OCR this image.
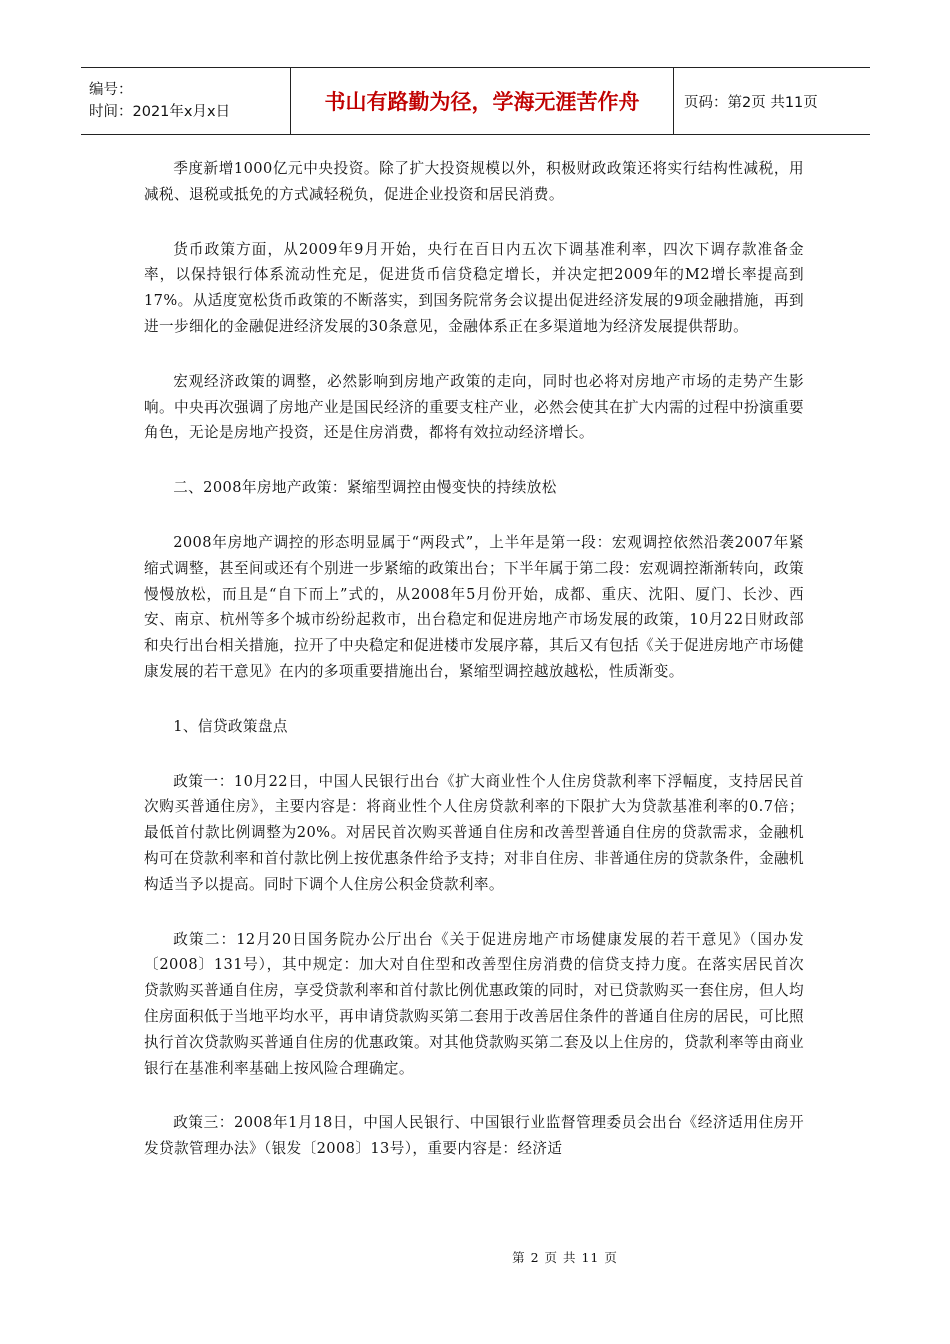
编号：
时间：2021年x月x日	书山有路勤为径，学海无涯苦作舟	页码：第2页 共11页

季度新增1000亿元中央投资。除了扩大投资规模以外，积极财政政策还将实行结构性减税，用减税、退税或抵免的方式减轻税负，促进企业投资和居民消费。

货币政策方面，从2009年9月开始，央行在百日内五次下调基准利率，四次下调存款准备金率，以保持银行体系流动性充足，促进货币信贷稳定增长，并决定把2009年的M2增长率提高到17%。从适度宽松货币政策的不断落实，到国务院常务会议提出促进经济发展的9项金融措施，再到进一步细化的金融促进经济发展的30条意见，金融体系正在多渠道地为经济发展提供帮助。

宏观经济政策的调整，必然影响到房地产政策的走向，同时也必将对房地产市场的走势产生影响。中央再次强调了房地产业是国民经济的重要支柱产业，必然会使其在扩大内需的过程中扮演重要角色，无论是房地产投资，还是住房消费，都将有效拉动经济增长。

二、2008年房地产政策：紧缩型调控由慢变快的持续放松

2008年房地产调控的形态明显属于“两段式”，上半年是第一段：宏观调控依然沿袭2007年紧缩式调整，甚至间或还有个别进一步紧缩的政策出台；下半年属于第二段：宏观调控渐渐转向，政策慢慢放松，而且是“自下而上”式的，从2008年5月份开始，成都、重庆、沈阳、厦门、长沙、西安、南京、杭州等多个城市纷纷起救市，出台稳定和促进房地产市场发展的政策，10月22日财政部和央行出台相关措施，拉开了中央稳定和促进楼市发展序幕，其后又有包括《关于促进房地产市场健康发展的若干意见》在内的多项重要措施出台，紧缩型调控越放越松，性质渐变。

1、信贷政策盘点

政策一：10月22日，中国人民银行出台《扩大商业性个人住房贷款利率下浮幅度，支持居民首次购买普通住房》，主要内容是：将商业性个人住房贷款利率的下限扩大为贷款基准利率的0.7倍；最低首付款比例调整为20%。对居民首次购买普通自住房和改善型普通自住房的贷款需求，金融机构可在贷款利率和首付款比例上按优惠条件给予支持；对非自住房、非普通住房的贷款条件，金融机构适当予以提高。同时下调个人住房公积金贷款利率。

政策二：12月20日国务院办公厅出台《关于促进房地产市场健康发展的若干意见》（国办发〔2008〕131号），其中规定：加大对自住型和改善型住房消费的信贷支持力度。在落实居民首次贷款购买普通自住房，享受贷款利率和首付款比例优惠政策的同时，对已贷款购买一套住房，但人均住房面积低于当地平均水平，再申请贷款购买第二套用于改善居住条件的普通自住房的居民，可比照执行首次贷款购买普通自住房的优惠政策。对其他贷款购买第二套及以上住房的，贷款利率等由商业银行在基准利率基础上按风险合理确定。

政策三：2008年1月18日，中国人民银行、中国银行业监督管理委员会出台《经济适用住房开发贷款管理办法》（银发〔2008〕13号），重要内容是：经济适

第 2 页 共 11 页
